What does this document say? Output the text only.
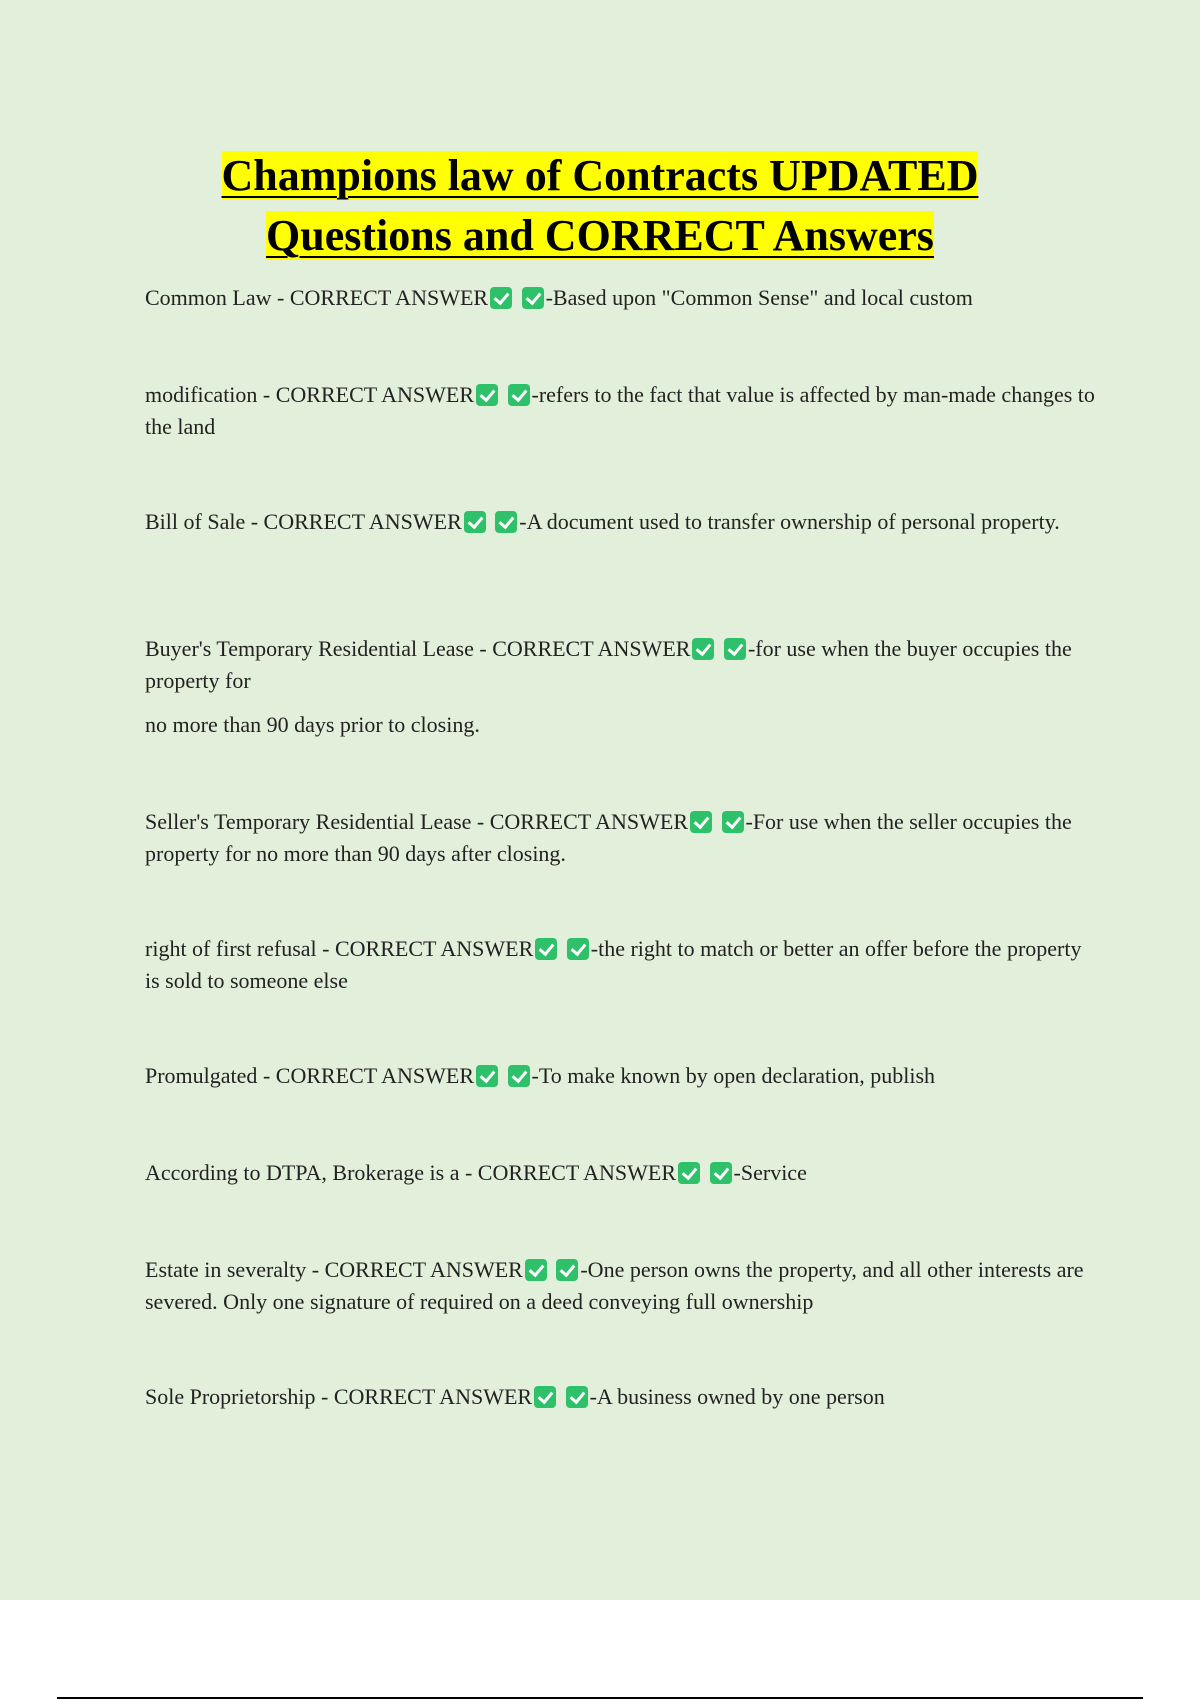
Champions law of Contracts UPDATED
Questions and CORRECT Answers

Common Law - CORRECT ANSWER	-Based upon "Common Sense" and local custom

modification - CORRECT ANSWER	-refers to the fact that value is affected by man-made changes to the land

Bill of Sale - CORRECT ANSWER	-A document used to transfer ownership of personal property.

Buyer's Temporary Residential Lease - CORRECT ANSWER	-for use when the buyer occupies the property for

no more than 90 days prior to closing.

Seller's Temporary Residential Lease - CORRECT ANSWER	-For use when the seller occupies the property for no more than 90 days after closing.

right of first refusal - CORRECT ANSWER	-the right to match or better an offer before the property is sold to someone else

Promulgated - CORRECT ANSWER	-To make known by open declaration, publish

According to DTPA, Brokerage is a - CORRECT ANSWER	-Service

Estate in severalty - CORRECT ANSWER	-One person owns the property, and all other interests are severed. Only one signature of required on a deed conveying full ownership

Sole Proprietorship - CORRECT ANSWER	-A business owned by one person
